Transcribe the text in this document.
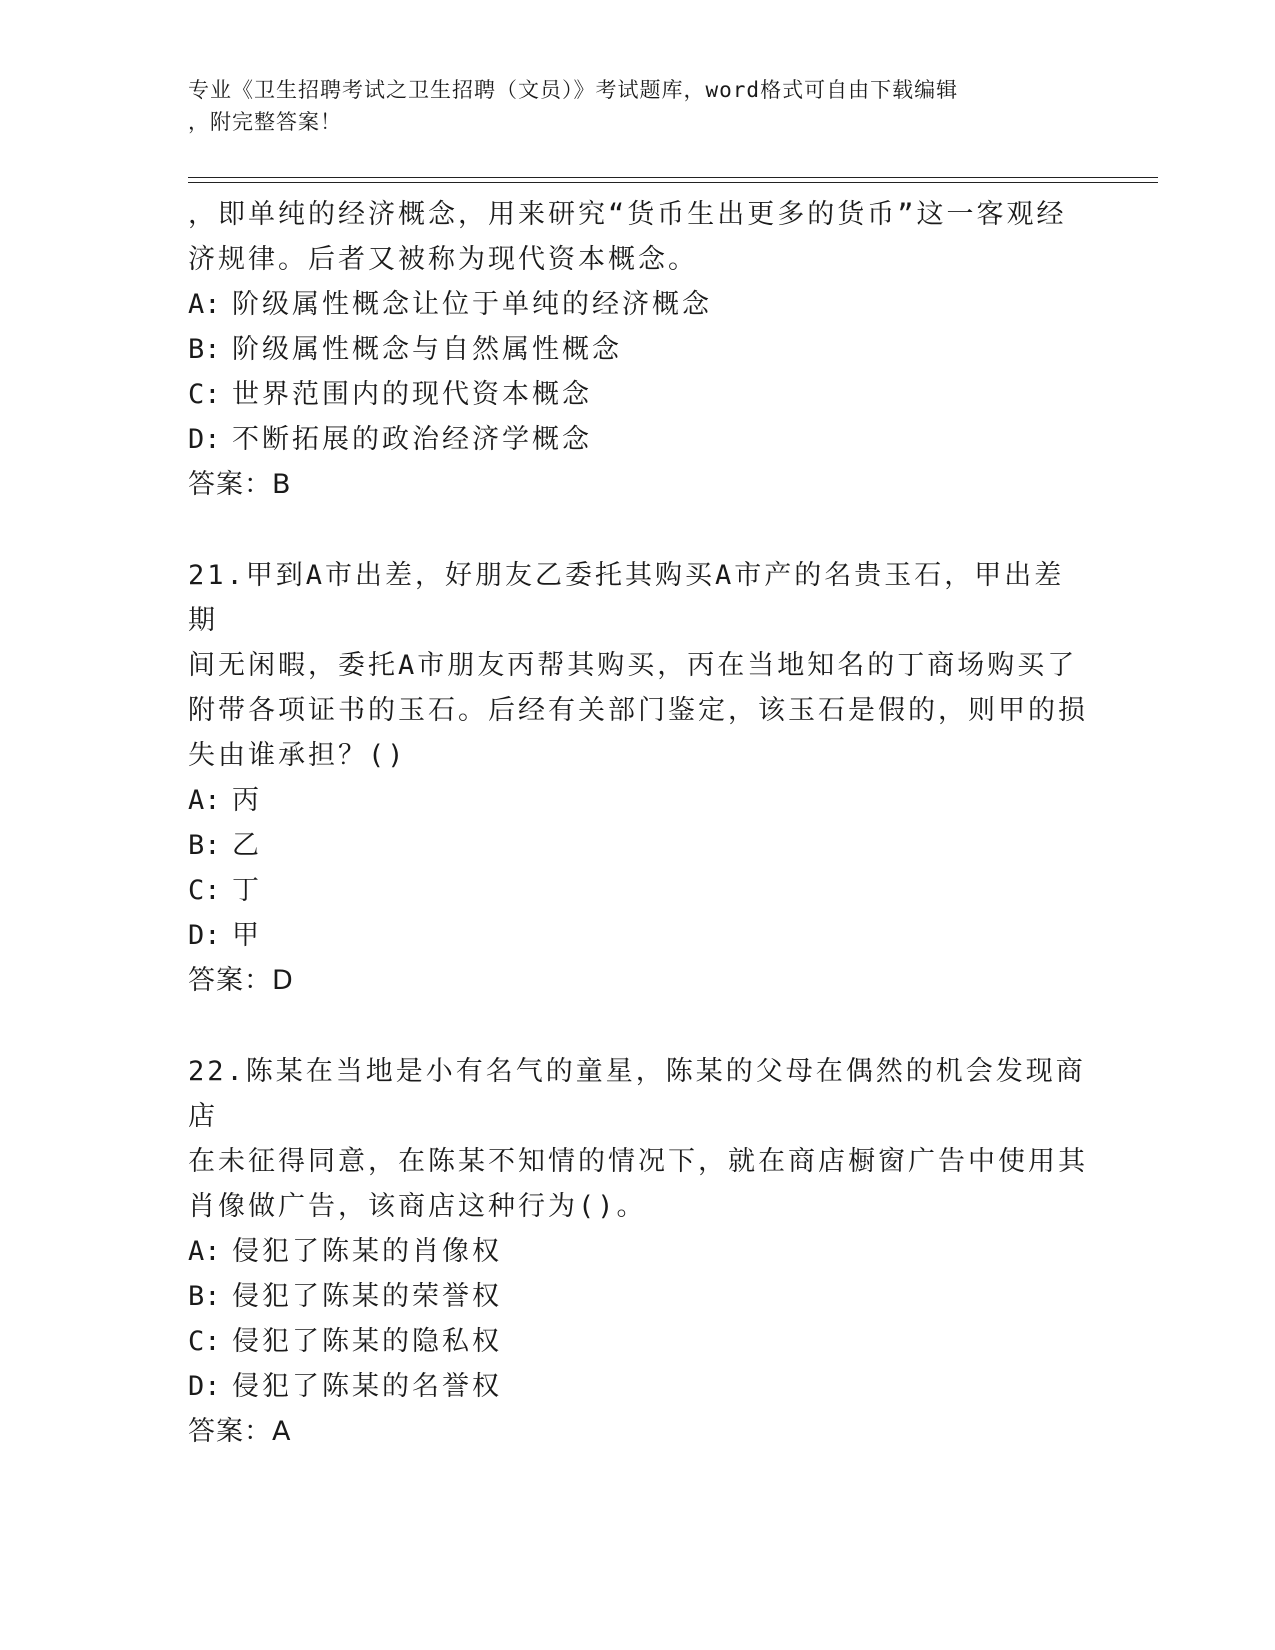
专业《卫生招聘考试之卫生招聘（文员）》考试题库，word格式可自由下载编辑
，附完整答案！

，即单纯的经济概念，用来研究“货币生出更多的货币”这一客观经

济规律。后者又被称为现代资本概念。

A: 阶级属性概念让位于单纯的经济概念

B: 阶级属性概念与自然属性概念

C: 世界范围内的现代资本概念

D: 不断拓展的政治经济学概念

答案：B

21.甲到A市出差，好朋友乙委托其购买A市产的名贵玉石，甲出差期

间无闲暇，委托A市朋友丙帮其购买，丙在当地知名的丁商场购买了

附带各项证书的玉石。后经有关部门鉴定，该玉石是假的，则甲的损

失由谁承担？()

A: 丙

B: 乙

C: 丁

D: 甲

答案：D

22.陈某在当地是小有名气的童星，陈某的父母在偶然的机会发现商店

在未征得同意，在陈某不知情的情况下，就在商店橱窗广告中使用其

肖像做广告，该商店这种行为()。

A: 侵犯了陈某的肖像权

B: 侵犯了陈某的荣誉权

C: 侵犯了陈某的隐私权

D: 侵犯了陈某的名誉权

答案：A
